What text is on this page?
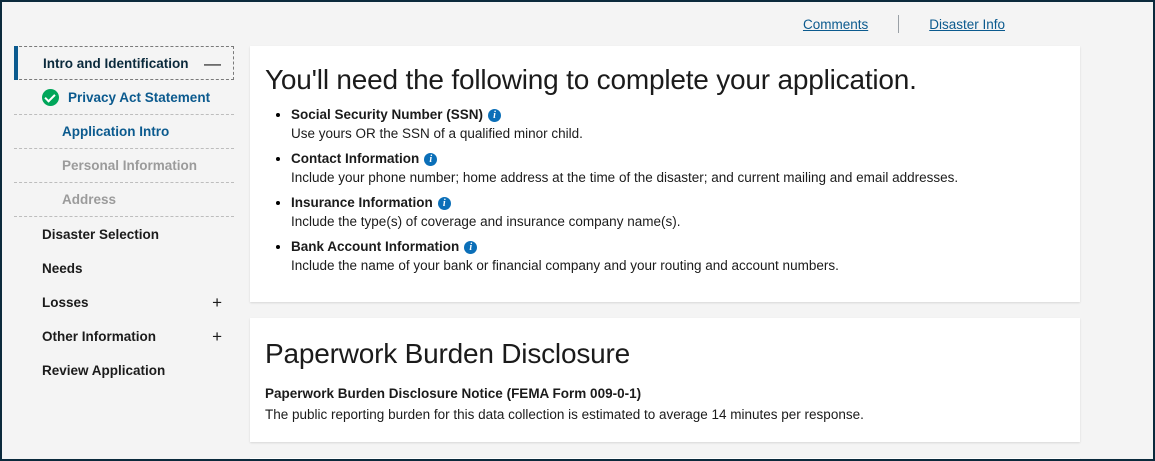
Comments	Disaster Info
Intro and Identification —
Privacy Act Statement
Application Intro
Personal Information
Address
Disaster Selection
Needs
Losses	+
Other Information	+
Review Application
You'll need the following to complete your application.
• Social Security Number (SSN) i
Use yours OR the SSN of a qualified minor child.
• Contact Information i
Include your phone number; home address at the time of the disaster; and current mailing and email addresses.
• Insurance Information i
Include the type(s) of coverage and insurance company name(s).
• Bank Account Information i
Include the name of your bank or financial company and your routing and account numbers.
Paperwork Burden Disclosure
Paperwork Burden Disclosure Notice (FEMA Form 009-0-1)
The public reporting burden for this data collection is estimated to average 14 minutes per response.
